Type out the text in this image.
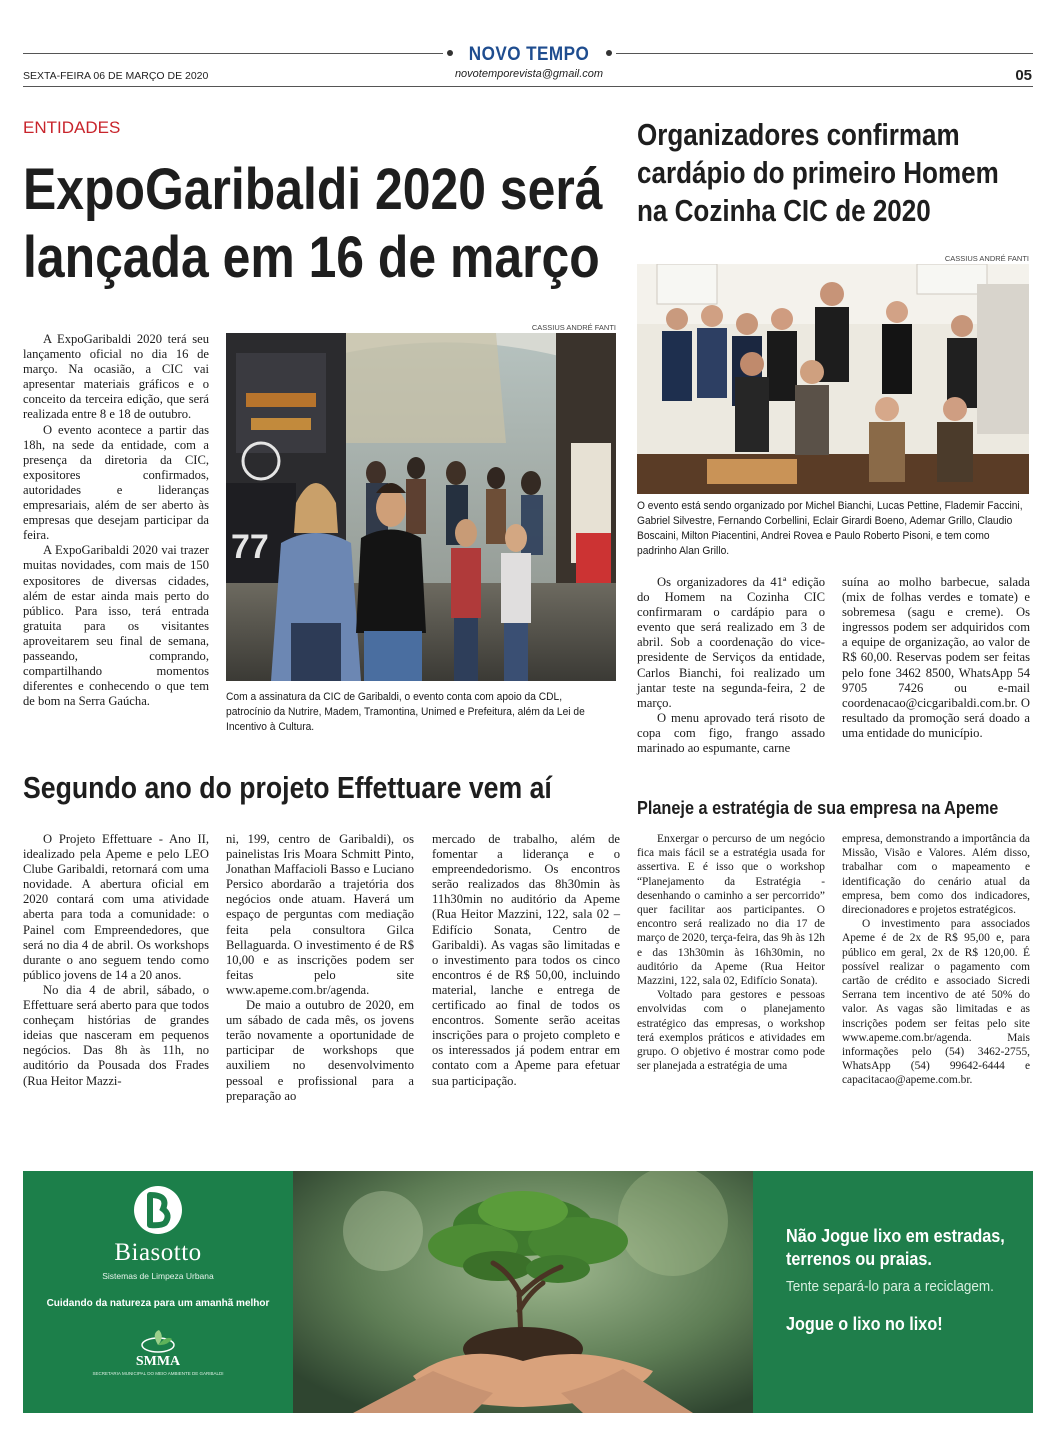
NOVO TEMPO
novotemporevista@gmail.com
SEXTA-FEIRA 06 DE MARÇO DE 2020	05
ENTIDADES
ExpoGaribaldi 2020 será
lançada em 16 de março

A ExpoGaribaldi 2020 terá seu lançamento oficial no dia 16 de março. Na ocasião, a CIC vai apresentar materiais gráficos e o conceito da terceira edição, que será realizada entre 8 e 18 de outubro.

O evento acontece a partir das 18h, na sede da entidade, com a presença da diretoria da CIC, expositores confirmados, autoridades e lideranças empresariais, além de ser aberto às empresas que desejam participar da feira.

A ExpoGaribaldi 2020 vai trazer muitas novidades, com mais de 150 expositores de diversas cidades, além de estar ainda mais perto do público. Para isso, terá entrada gratuita para os visitantes aproveitarem seu final de semana, passeando, comprando, compartilhando momentos diferentes e conhecendo o que tem de bom na Serra Gaúcha.

CASSIUS ANDRÉ FANTI
77
Com a assinatura da CIC de Garibaldi, o evento conta com apoio da CDL, patrocínio da Nutrire, Madem, Tramontina, Unimed e Prefeitura, além da Lei de Incentivo à Cultura.
Organizadores confirmam
cardápio do primeiro Homem
na Cozinha CIC de 2020
CASSIUS ANDRÉ FANTI
O evento está sendo organizado por Michel Bianchi, Lucas Pettine, Flademir Faccini, Gabriel Silvestre, Fernando Corbellini, Eclair Girardi Boeno, Ademar Grillo, Claudio Boscaini, Milton Piacentini, Andrei Rovea e Paulo Roberto Pisoni, e tem como padrinho Alan Grillo.

Os organizadores da 41ª edição do Homem na Cozinha CIC confirmaram o cardápio para o evento que será realizado em 3 de abril. Sob a coordenação do vice-presidente de Serviços da entidade, Carlos Bianchi, foi realizado um jantar teste na segunda-feira, 2 de março.

O menu aprovado terá risoto de copa com figo, frango assado marinado ao espumante, carne

suína ao molho barbecue, salada (mix de folhas verdes e tomate) e sobremesa (sagu e creme). Os ingressos podem ser adquiridos com a equipe de organização, ao valor de R$ 60,00. Reservas podem ser feitas pelo fone 3462 8500, WhatsApp 54 9705 7426 ou e-mail coordenacao@cicgaribaldi.com.br. O resultado da promoção será doado a uma entidade do município.
Segundo ano do projeto Effettuare vem aí

O Projeto Effettuare - Ano II, idealizado pela Apeme e pelo LEO Clube Garibaldi, retornará com uma novidade. A abertura oficial em 2020 contará com uma atividade aberta para toda a comunidade: o Painel com Empreendedores, que será no dia 4 de abril. Os workshops durante o ano seguem tendo como público jovens de 14 a 20 anos.

No dia 4 de abril, sábado, o Effettuare será aberto para que todos conheçam histórias de grandes ideias que nasceram em pequenos negócios. Das 8h às 11h, no auditório da Pousada dos Frades (Rua Heitor Mazzi-

ni, 199, centro de Garibaldi), os painelistas Iris Moara Schmitt Pinto, Jonathan Maffacioli Basso e Luciano Persico abordarão a trajetória dos negócios onde atuam. Haverá um espaço de perguntas com mediação feita pela consultora Gilca Bellaguarda. O investimento é de R$ 10,00 e as inscrições podem ser feitas pelo site www.apeme.com.br/agenda.

De maio a outubro de 2020, em um sábado de cada mês, os jovens terão novamente a oportunidade de participar de workshops que auxiliem no desenvolvimento pessoal e profissional para a preparação ao

mercado de trabalho, além de fomentar a liderança e o empreendedorismo. Os encontros serão realizados das 8h30min às 11h30min no auditório da Apeme (Rua Heitor Mazzini, 122, sala 02 – Edifício Sonata, Centro de Garibaldi). As vagas são limitadas e o investimento para todos os cinco encontros é de R$ 50,00, incluindo material, lanche e entrega de certificado ao final de todos os encontros. Somente serão aceitas inscrições para o projeto completo e os interessados já podem entrar em contato com a Apeme para efetuar sua participação.
Planeje a estratégia de sua empresa na Apeme

Enxergar o percurso de um negócio fica mais fácil se a estratégia usada for assertiva. E é isso que o workshop “Planejamento da Estratégia - desenhando o caminho a ser percorrido” quer facilitar aos participantes. O encontro será realizado no dia 17 de março de 2020, terça-feira, das 9h às 12h e das 13h30min às 16h30min, no auditório da Apeme (Rua Heitor Mazzini, 122, sala 02, Edifício Sonata).

Voltado para gestores e pessoas envolvidas com o planejamento estratégico das empresas, o workshop terá exemplos práticos e atividades em grupo. O objetivo é mostrar como pode ser planejada a estratégia de uma

empresa, demonstrando a importância da Missão, Visão e Valores. Além disso, trabalhar com o mapeamento e identificação do cenário atual da empresa, bem como dos indicadores, direcionadores e projetos estratégicos.

O investimento para associados Apeme é de 2x de R$ 95,00 e, para público em geral, 2x de R$ 120,00. É possível realizar o pagamento com cartão de crédito e associado Sicredi Serrana tem incentivo de até 50% do valor. As vagas são limitadas e as inscrições podem ser feitas pelo site www.apeme.com.br/agenda. Mais informações pelo (54) 3462-2755, WhatsApp (54) 99642-6444 e capacitacao@apeme.com.br.

Biasotto
Sistemas de Limpeza Urbana
Cuidando da natureza para um amanhã melhor
SMMA
SECRETARIA MUNICIPAL DO MEIO AMBIENTE DE GARIBALDI
Não Jogue lixo em estradas,
terrenos ou praias.
Tente separá-lo para a reciclagem.
Jogue o lixo no lixo!
